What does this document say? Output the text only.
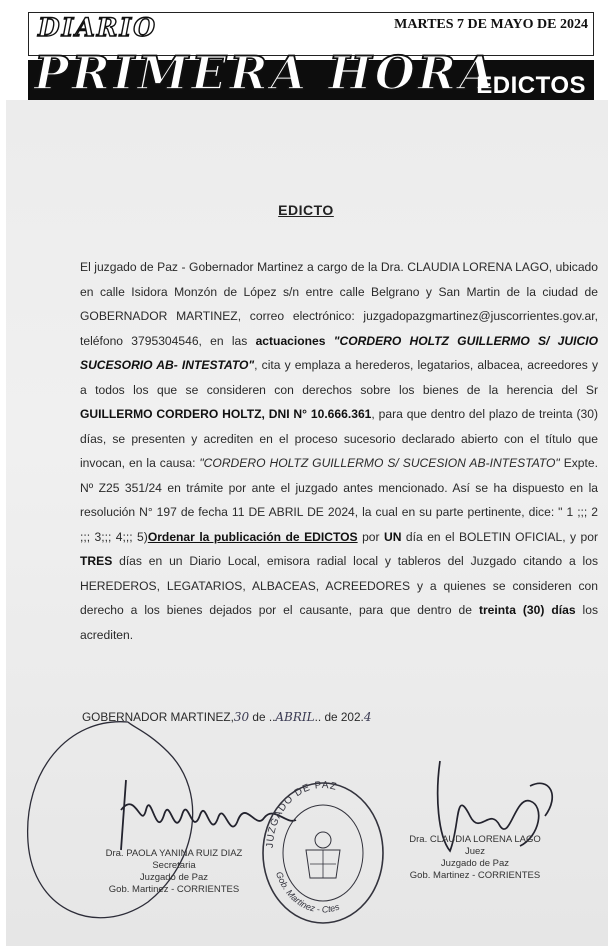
DIARIO	MARTES 7 DE MAYO DE 2024
PRIMERA HORA
EDICTOS
EDICTO
El juzgado de Paz - Gobernador Martinez a cargo de la Dra. CLAUDIA LORENA LAGO, ubicado en calle Isidora Monzón de López s/n entre calle Belgrano y San Martin de la ciudad de GOBERNADOR MARTINEZ, correo electrónico: juzgadopazgmartinez@juscorrientes.gov.ar, teléfono 3795304546, en las actuaciones "CORDERO HOLTZ GUILLERMO S/ JUICIO SUCESORIO AB- INTESTATO", cita y emplaza a herederos, legatarios, albacea, acreedores y a todos los que se consideren con derechos sobre los bienes de la herencia del Sr GUILLERMO CORDERO HOLTZ, DNI N° 10.666.361, para que dentro del plazo de treinta (30) días, se presenten y acrediten en el proceso sucesorio declarado abierto con el título que invocan, en la causa: "CORDERO HOLTZ GUILLERMO S/ SUCESION AB-INTESTATO" Expte. Nº Z25 351/24 en trámite por ante el juzgado antes mencionado. Así se ha dispuesto en la resolución N° 197 de fecha 11 DE ABRIL DE 2024, la cual en su parte pertinente, dice: " 1 ;;; 2 ;;; 3;;; 4;;; 5)Ordenar la publicación de EDICTOS por UN día en el BOLETIN OFICIAL, y por TRES días en un Diario Local, emisora radial local y tableros del Juzgado citando a los HEREDEROS, LEGATARIOS, ALBACEAS, ACREEDORES y a quienes se consideren con derecho a los bienes dejados por el causante, para que dentro de treinta (30) días los acrediten.
GOBERNADOR MARTINEZ,30 de ..ABRIL.. de 202.4
JUZGADO DE PAZ
Gob. Martinez - Ctes
Dra. PAOLA YANINA RUIZ DIAZ
Secretaria
Juzgado de Paz
Gob. Martinez - CORRIENTES
Dra. CLAUDIA LORENA LAGO
Juez
Juzgado de Paz
Gob. Martinez - CORRIENTES
